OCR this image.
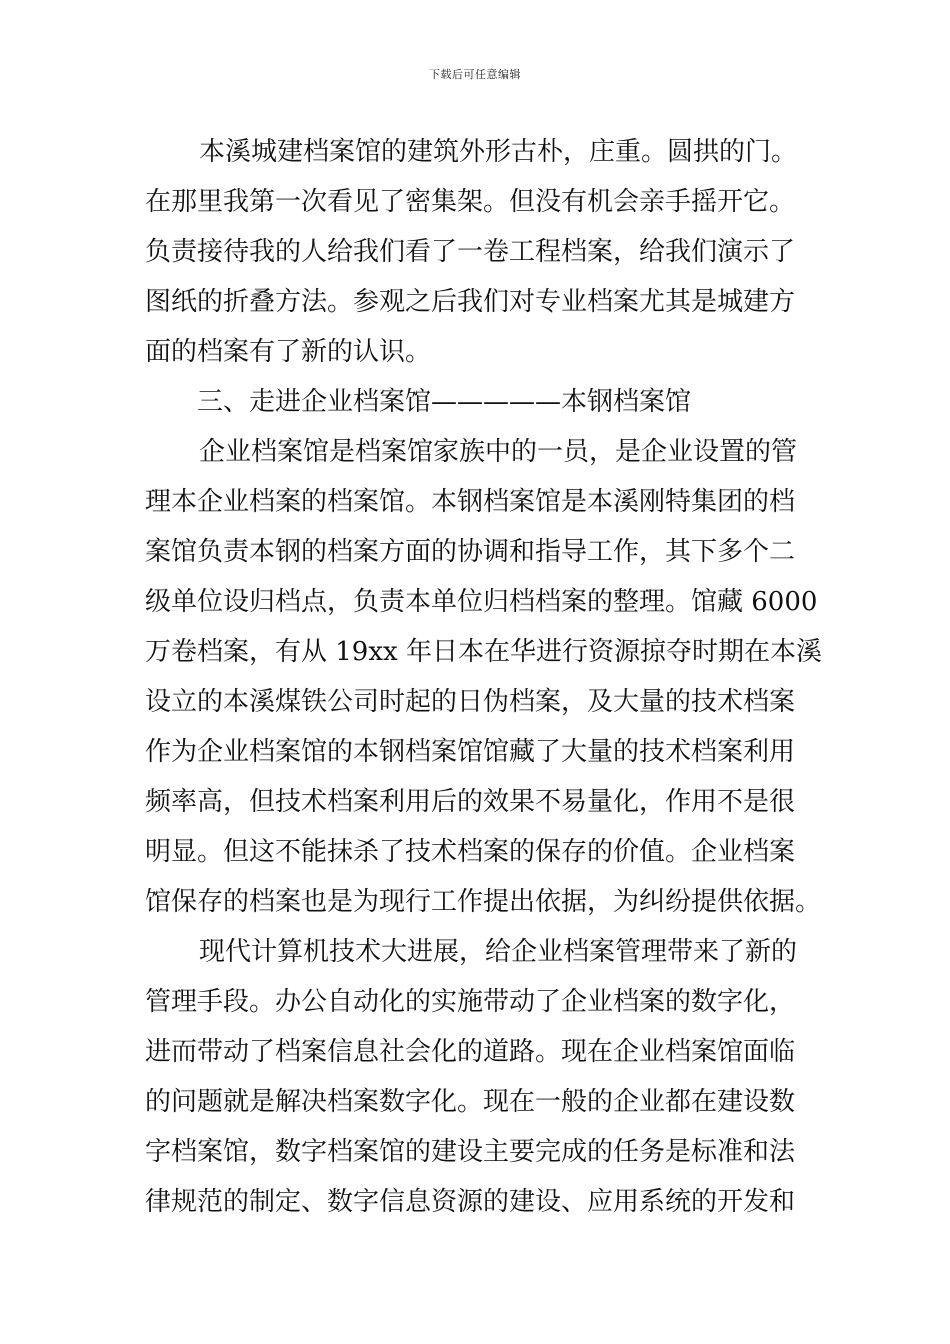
下载后可任意编辑
本溪城建档案馆的建筑外形古朴，庄重。圆拱的门。
在那里我第一次看见了密集架。但没有机会亲手摇开它。
负责接待我的人给我们看了一卷工程档案，给我们演示了
图纸的折叠方法。参观之后我们对专业档案尤其是城建方
面的档案有了新的认识。
三、走进企业档案馆—————本钢档案馆
企业档案馆是档案馆家族中的一员，是企业设置的管
理本企业档案的档案馆。本钢档案馆是本溪刚特集团的档
案馆负责本钢的档案方面的协调和指导工作，其下多个二
级单位设归档点，负责本单位归档档案的整理。馆藏 6000
万卷档案，有从 19xx 年日本在华进行资源掠夺时期在本溪
设立的本溪煤铁公司时起的日伪档案，及大量的技术档案
作为企业档案馆的本钢档案馆馆藏了大量的技术档案利用
频率高，但技术档案利用后的效果不易量化，作用不是很
明显。但这不能抹杀了技术档案的保存的价值。企业档案
馆保存的档案也是为现行工作提出依据，为纠纷提供依据。
现代计算机技术大进展，给企业档案管理带来了新的
管理手段。办公自动化的实施带动了企业档案的数字化，
进而带动了档案信息社会化的道路。现在企业档案馆面临
的问题就是解决档案数字化。现在一般的企业都在建设数
字档案馆，数字档案馆的建设主要完成的任务是标准和法
律规范的制定、数字信息资源的建设、应用系统的开发和
